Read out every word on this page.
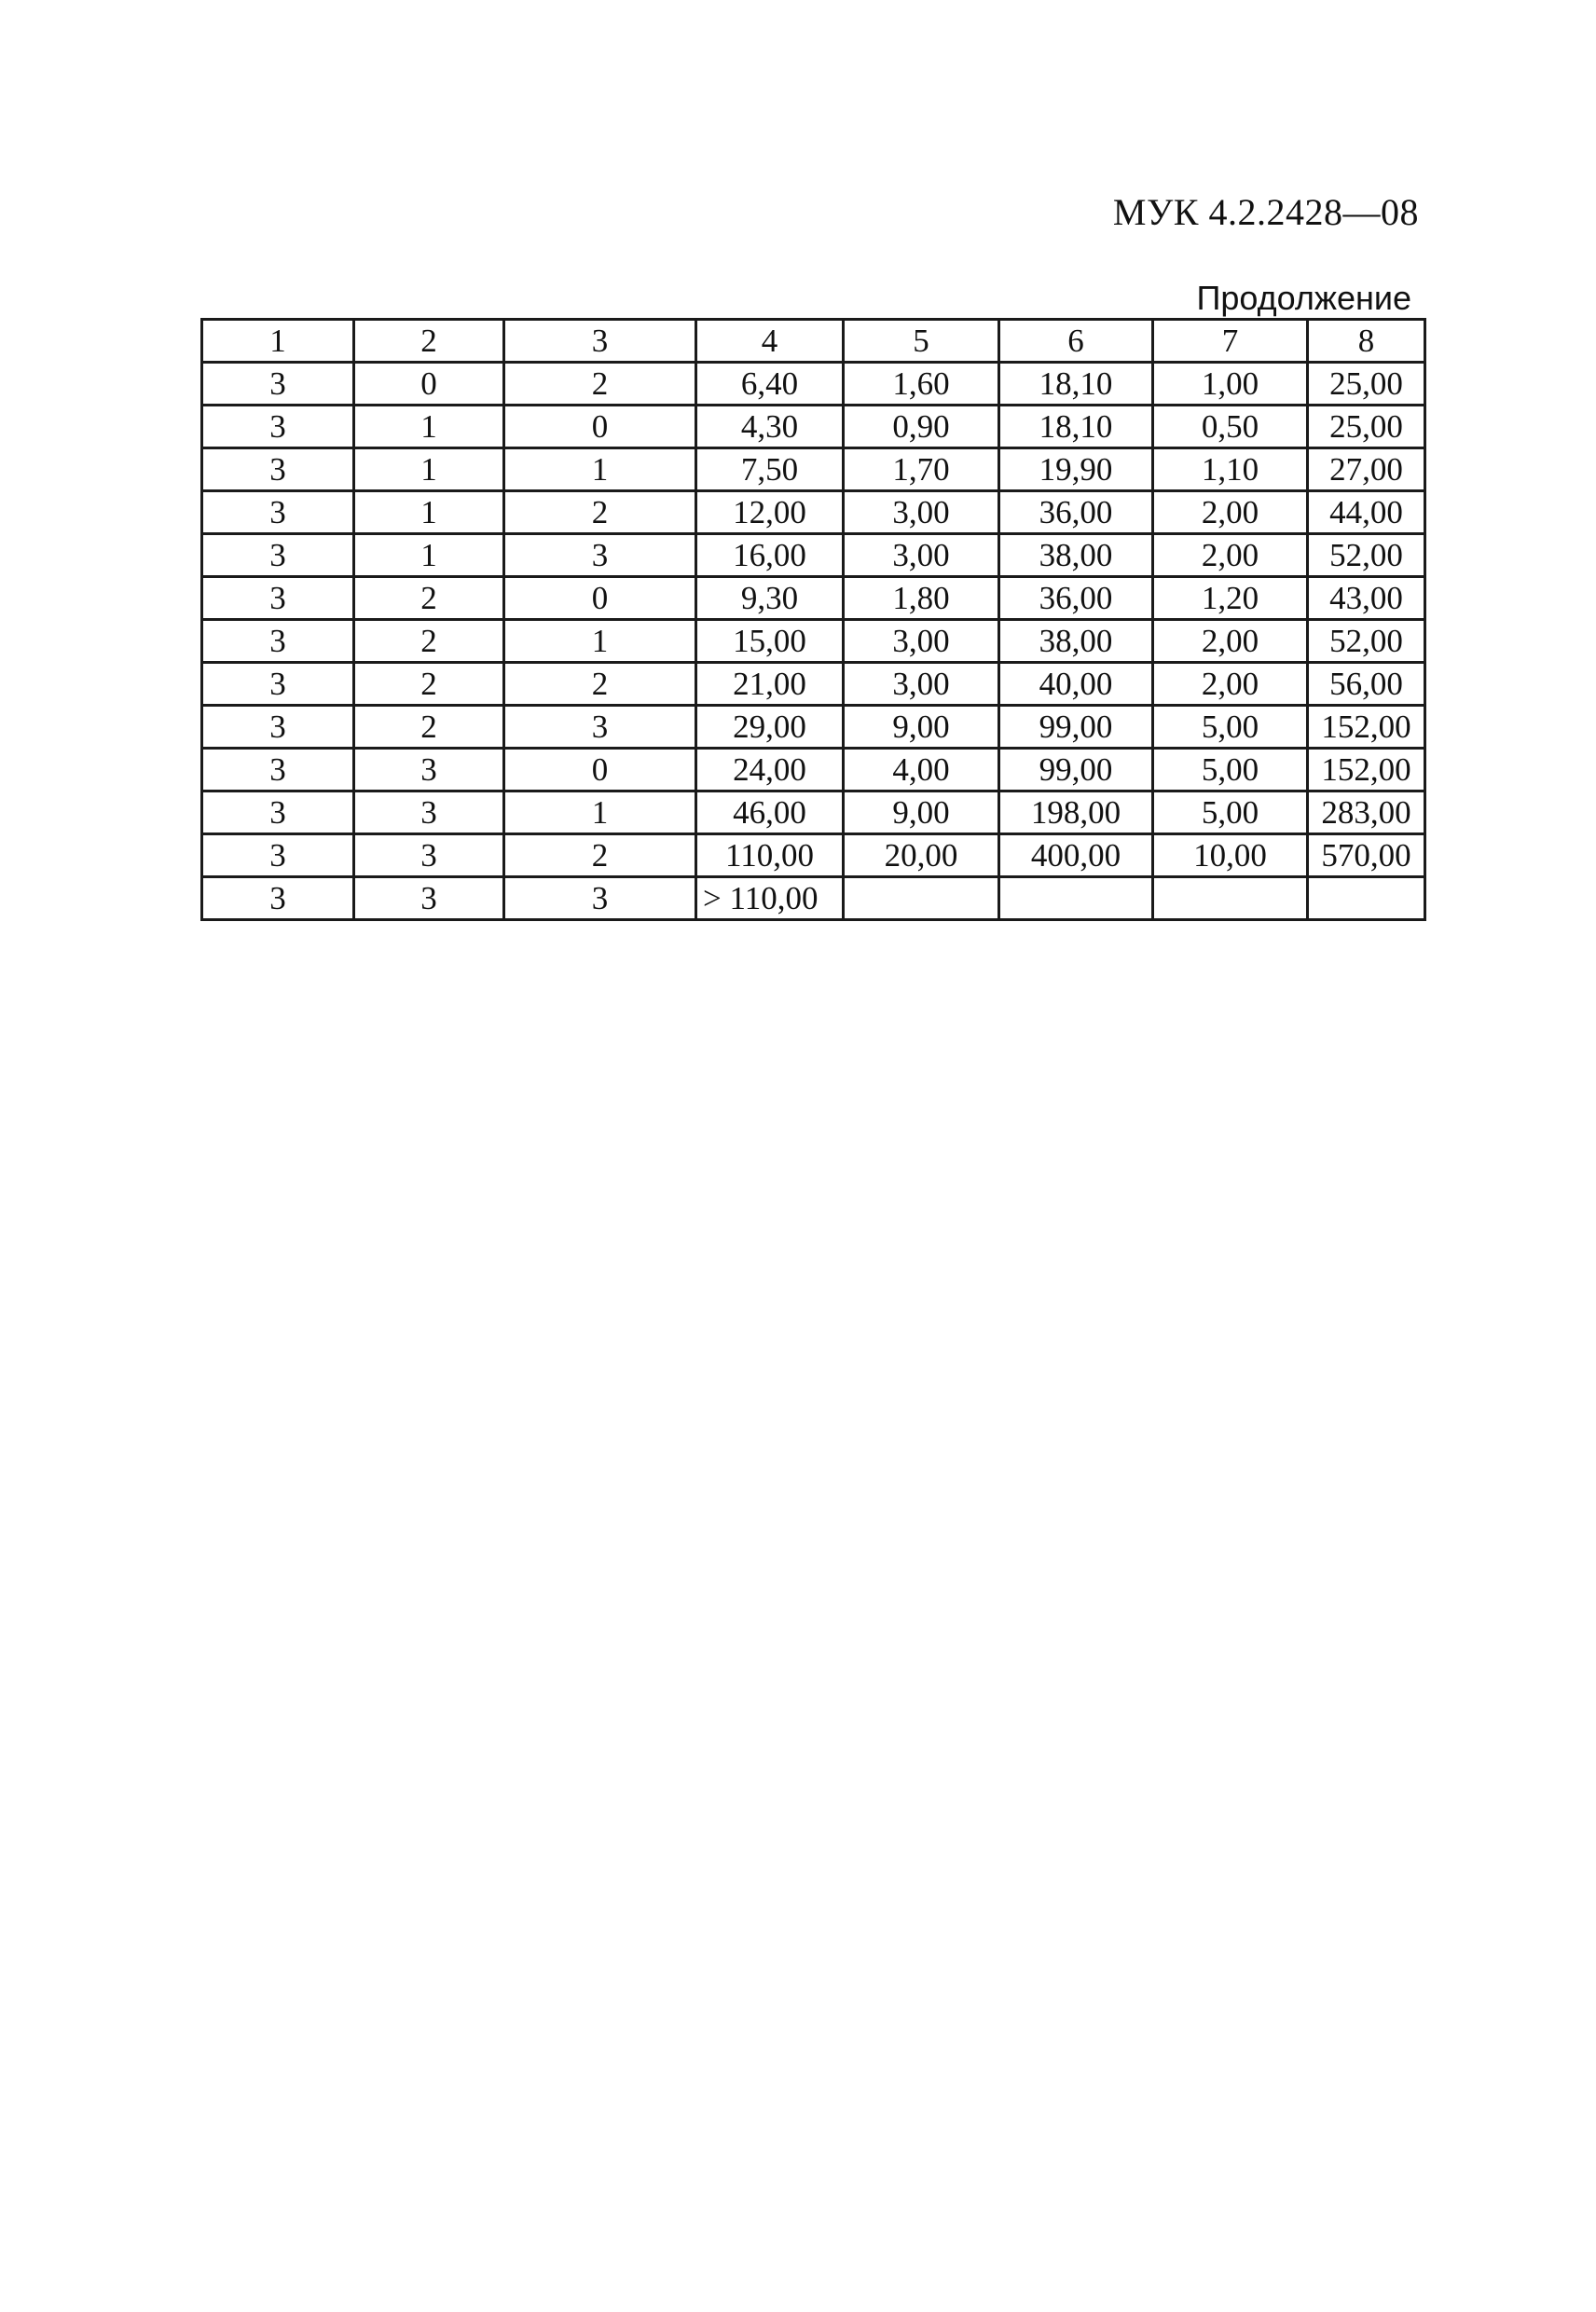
МУК 4.2.2428—08
Продолжение
1	2	3	4	5	6	7	8
3	0	2	6,40	1,60	18,10	1,00	25,00
3	1	0	4,30	0,90	18,10	0,50	25,00
3	1	1	7,50	1,70	19,90	1,10	27,00
3	1	2	12,00	3,00	36,00	2,00	44,00
3	1	3	16,00	3,00	38,00	2,00	52,00
3	2	0	9,30	1,80	36,00	1,20	43,00
3	2	1	15,00	3,00	38,00	2,00	52,00
3	2	2	21,00	3,00	40,00	2,00	56,00
3	2	3	29,00	9,00	99,00	5,00	152,00
3	3	0	24,00	4,00	99,00	5,00	152,00
3	3	1	46,00	9,00	198,00	5,00	283,00
3	3	2	110,00	20,00	400,00	10,00	570,00
3	3	3	> 110,00				
